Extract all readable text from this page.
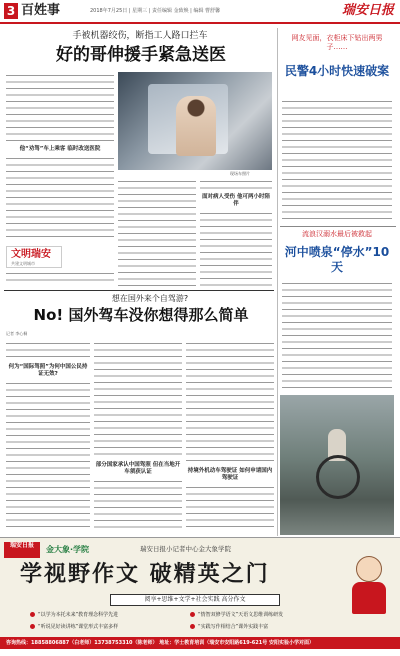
3 百姓事	2018年7月25日 | 星期三 | 责任编辑 金致焕 | 编辑 曹舒馨	瑞安日报
手被机器绞伤，断指工人路口拦车
好的哥伸援手紧急送医
他“劝驾”车上乘客 临时改送医院
现场车照片
面对病人受伤 他可两小时陪伴
文明瑞安
共建文明城市
网友见面，衣柜床下钻出两男子……
民警4小时快速破案
流浪汉溺水最后被救起
河中喷泉“停水”10天
想在国外来个自驾游?
No! 国外驾车没你想得那么简单
记者 李心桐
何为“国际驾照”为何中国公民持证无效?
部分国家承认中国驾照 但在当地开车须获认证	持境外机动车驾驶证 如何申请国内驾驶证
瑞安日报	金大象·学院	瑞安日报小记者中心金大象学院
学视野作文 破精英之门
阅享+思维+文学+社会实践 高分作文
“以学为本托未来”教育理念科学先进	“情智双修学语文”天语文思维训练研发
“听说见好读讲练”课堂形式丰富多样	“实践写作相结合”课外实践丰富
咨询热线：18858806887（白老师）13738753310（陈老师） 地址：学士教育培训（瑞安市安阳路619-621号 安阳实验小学对面）
